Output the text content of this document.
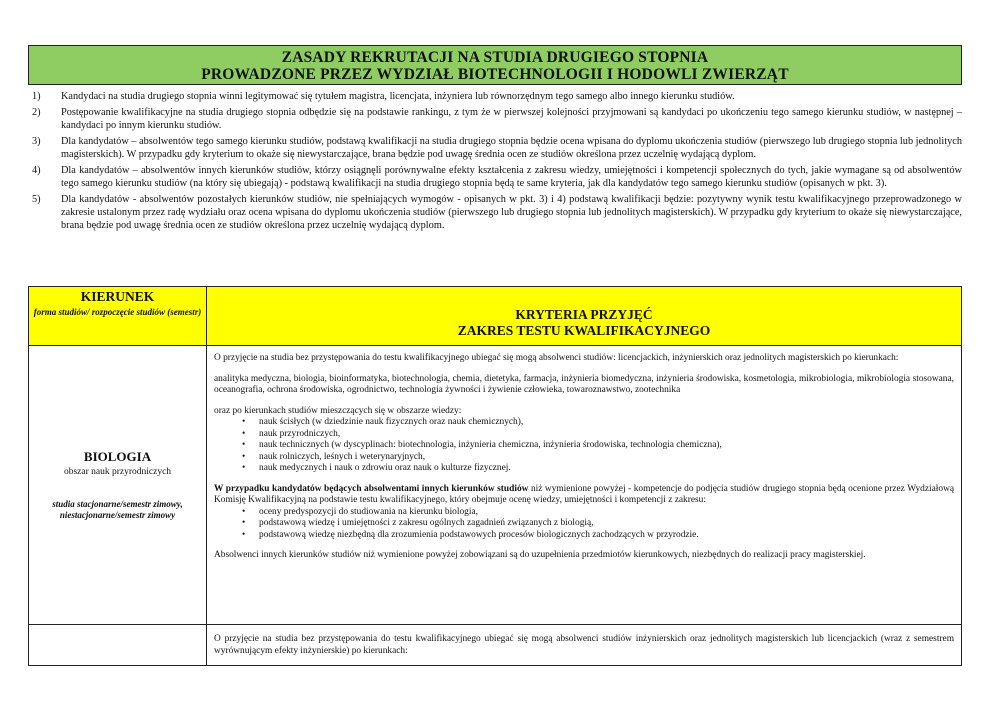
ZASADY REKRUTACJI NA STUDIA DRUGIEGO STOPNIA
PROWADZONE PRZEZ WYDZIAŁ BIOTECHNOLOGII I HODOWLI ZWIERZĄT
1) Kandydaci na studia drugiego stopnia winni legitymować się tytułem magistra, licencjata, inżyniera lub równorzędnym tego samego albo innego kierunku studiów.
2) Postępowanie kwalifikacyjne na studia drugiego stopnia odbędzie się na podstawie rankingu, z tym że w pierwszej kolejności przyjmowani są kandydaci po ukończeniu tego samego kierunku studiów, w następnej – kandydaci po innym kierunku studiów.
3) Dla kandydatów – absolwentów tego samego kierunku studiów, podstawą kwalifikacji na studia drugiego stopnia będzie ocena wpisana do dyplomu ukończenia studiów (pierwszego lub drugiego stopnia lub jednolitych magisterskich). W przypadku gdy kryterium to okaże się niewystarczające, brana będzie pod uwagę średnia ocen ze studiów określona przez uczelnię wydającą dyplom.
4) Dla kandydatów – absolwentów innych kierunków studiów, którzy osiągnęli porównywalne efekty kształcenia z zakresu wiedzy, umiejętności i kompetencji społecznych do tych, jakie wymagane są od absolwentów tego samego kierunku studiów (na który się ubiegają) - podstawą kwalifikacji na studia drugiego stopnia będą te same kryteria, jak dla kandydatów tego samego kierunku studiów (opisanych w pkt. 3).
5) Dla kandydatów - absolwentów pozostałych kierunków studiów, nie spełniających wymogów - opisanych w pkt. 3) i 4) podstawą kwalifikacji będzie: pozytywny wynik testu kwalifikacyjnego przeprowadzonego w zakresie ustalonym przez radę wydziału oraz ocena wpisana do dyplomu ukończenia studiów (pierwszego lub drugiego stopnia lub jednolitych magisterskich). W przypadku gdy kryterium to okaże się niewystarczające, brana będzie pod uwagę średnia ocen ze studiów określona przez uczelnię wydającą dyplom.
KIERUNEK
forma studiów/ rozpoczęcie studiów (semestr)	KRYTERIA PRZYJĘĆ
ZAKRES TESTU KWALIFIKACYJNEGO
BIOLOGIA
obszar nauk przyrodniczych
studia stacjonarne/semestr zimowy, niestacjonarne/semestr zimowy

O przyjęcie na studia bez przystępowania do testu kwalifikacyjnego ubiegać się mogą absolwenci studiów: licencjackich, inżynierskich oraz jednolitych magisterskich po kierunkach:

analityka medyczna, biologia, bioinformatyka, biotechnologia, chemia, dietetyka, farmacja, inżynieria biomedyczna, inżynieria środowiska, kosmetologia, mikrobiologia, mikrobiologia stosowana, oceanografia, ochrona środowiska, ogrodnictwo, technologia żywności i żywienie człowieka, towaroznawstwo, zootechnika

oraz po kierunkach studiów mieszczących się w obszarze wiedzy:

• nauk ścisłych (w dziedzinie nauk fizycznych oraz nauk chemicznych),
• nauk przyrodniczych,
• nauk technicznych (w dyscyplinach: biotechnologia, inżynieria chemiczna, inżynieria środowiska, technologia chemiczna),
• nauk rolniczych, leśnych i weterynaryjnych,
• nauk medycznych i nauk o zdrowiu oraz nauk o kulturze fizycznej.

W przypadku kandydatów będących absolwentami innych kierunków studiów niż wymienione powyżej - kompetencje do podjęcia studiów drugiego stopnia będą ocenione przez Wydziałową Komisję Kwalifikacyjną na podstawie testu kwalifikacyjnego, który obejmuje ocenę wiedzy, umiejętności i kompetencji z zakresu:

• oceny predyspozycji do studiowania na kierunku biologia,
• podstawową wiedzę i umiejętności z zakresu ogólnych zagadnień związanych z biologią,
• podstawową wiedzę niezbędną dla zrozumienia podstawowych procesów biologicznych zachodzących w przyrodzie.

Absolwenci innych kierunków studiów niż wymienione powyżej zobowiązani są do uzupełnienia przedmiotów kierunkowych, niezbędnych do realizacji pracy magisterskiej.

O przyjęcie na studia bez przystępowania do testu kwalifikacyjnego ubiegać się mogą absolwenci studiów inżynierskich oraz jednolitych magisterskich lub licencjackich (wraz z semestrem wyrównującym efekty inżynierskie) po kierunkach:
